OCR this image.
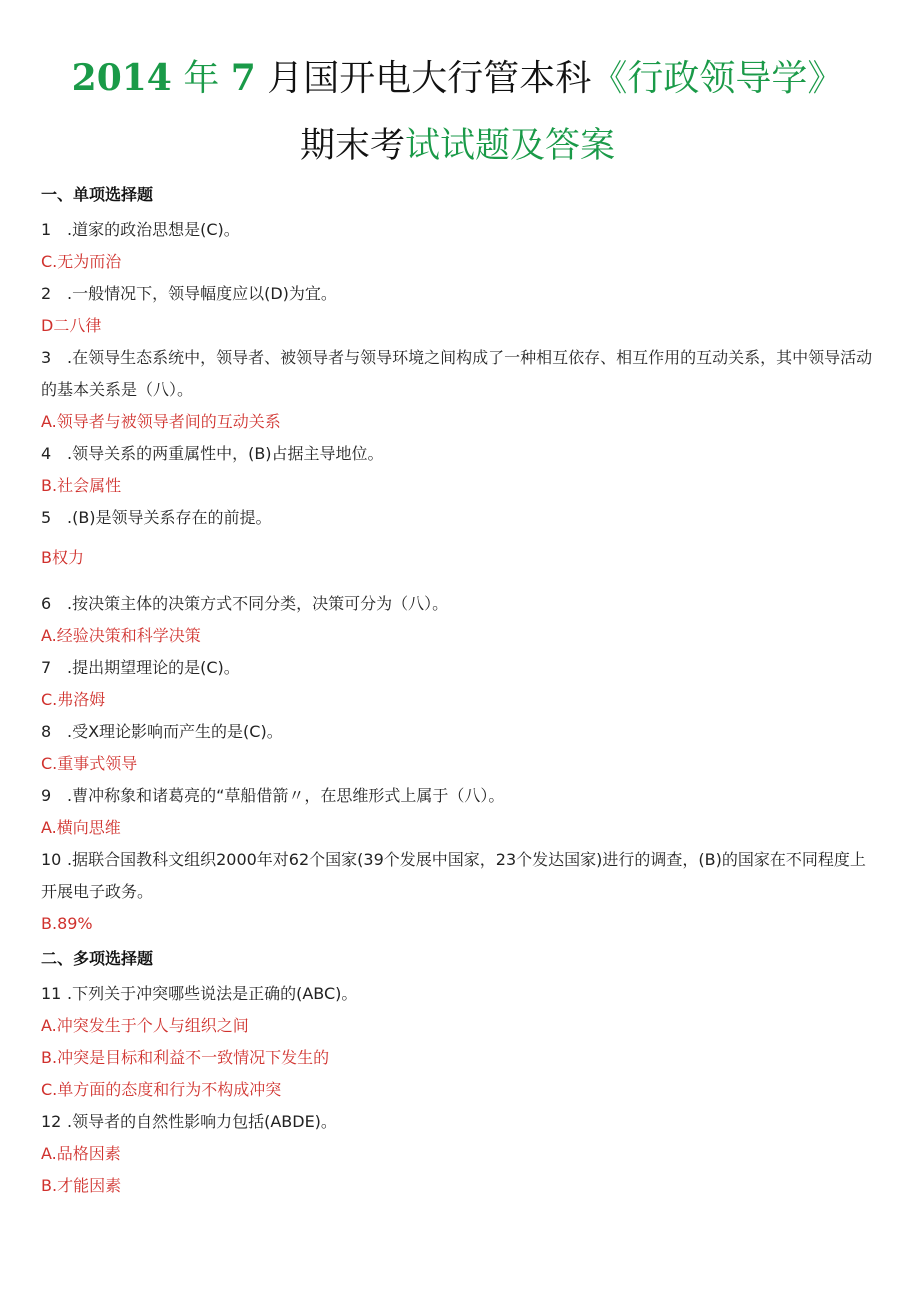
2014 年 7 月国开电大行管本科《行政领导学》
期末考试试题及答案

一、单项选择题

1 .道家的政治思想是(C)。

C.无为而治

2 .一般情况下，领导幅度应以(D)为宜。

D二八律

3 .在领导生态系统中，领导者、被领导者与领导环境之间构成了一种相互依存、相互作用的互动关系，其中领导活动的基本关系是（八）。

A.领导者与被领导者间的互动关系

4 .领导关系的两重属性中，(B)占据主导地位。

B.社会属性

5 .(B)是领导关系存在的前提。

B权力

6 .按决策主体的决策方式不同分类，决策可分为（八）。

A.经验决策和科学决策

7 .提出期望理论的是(C)。

C.弗洛姆

8 .受X理论影响而产生的是(C)。

C.重事式领导

9 .曹冲称象和诸葛亮的“草船借箭〃，在思维形式上属于（八）。

A.横向思维

10 .据联合国教科文组织2000年对62个国家(39个发展中国家，23个发达国家)进行的调查，(B)的国家在不同程度上开展电子政务。

B.89%

二、多项选择题

11 .下列关于冲突哪些说法是正确的(ABC)。

A.冲突发生于个人与组织之间

B.冲突是目标和利益不一致情况下发生的

C.单方面的态度和行为不构成冲突

12 .领导者的自然性影响力包括(ABDE)。

A.品格因素

B.才能因素
